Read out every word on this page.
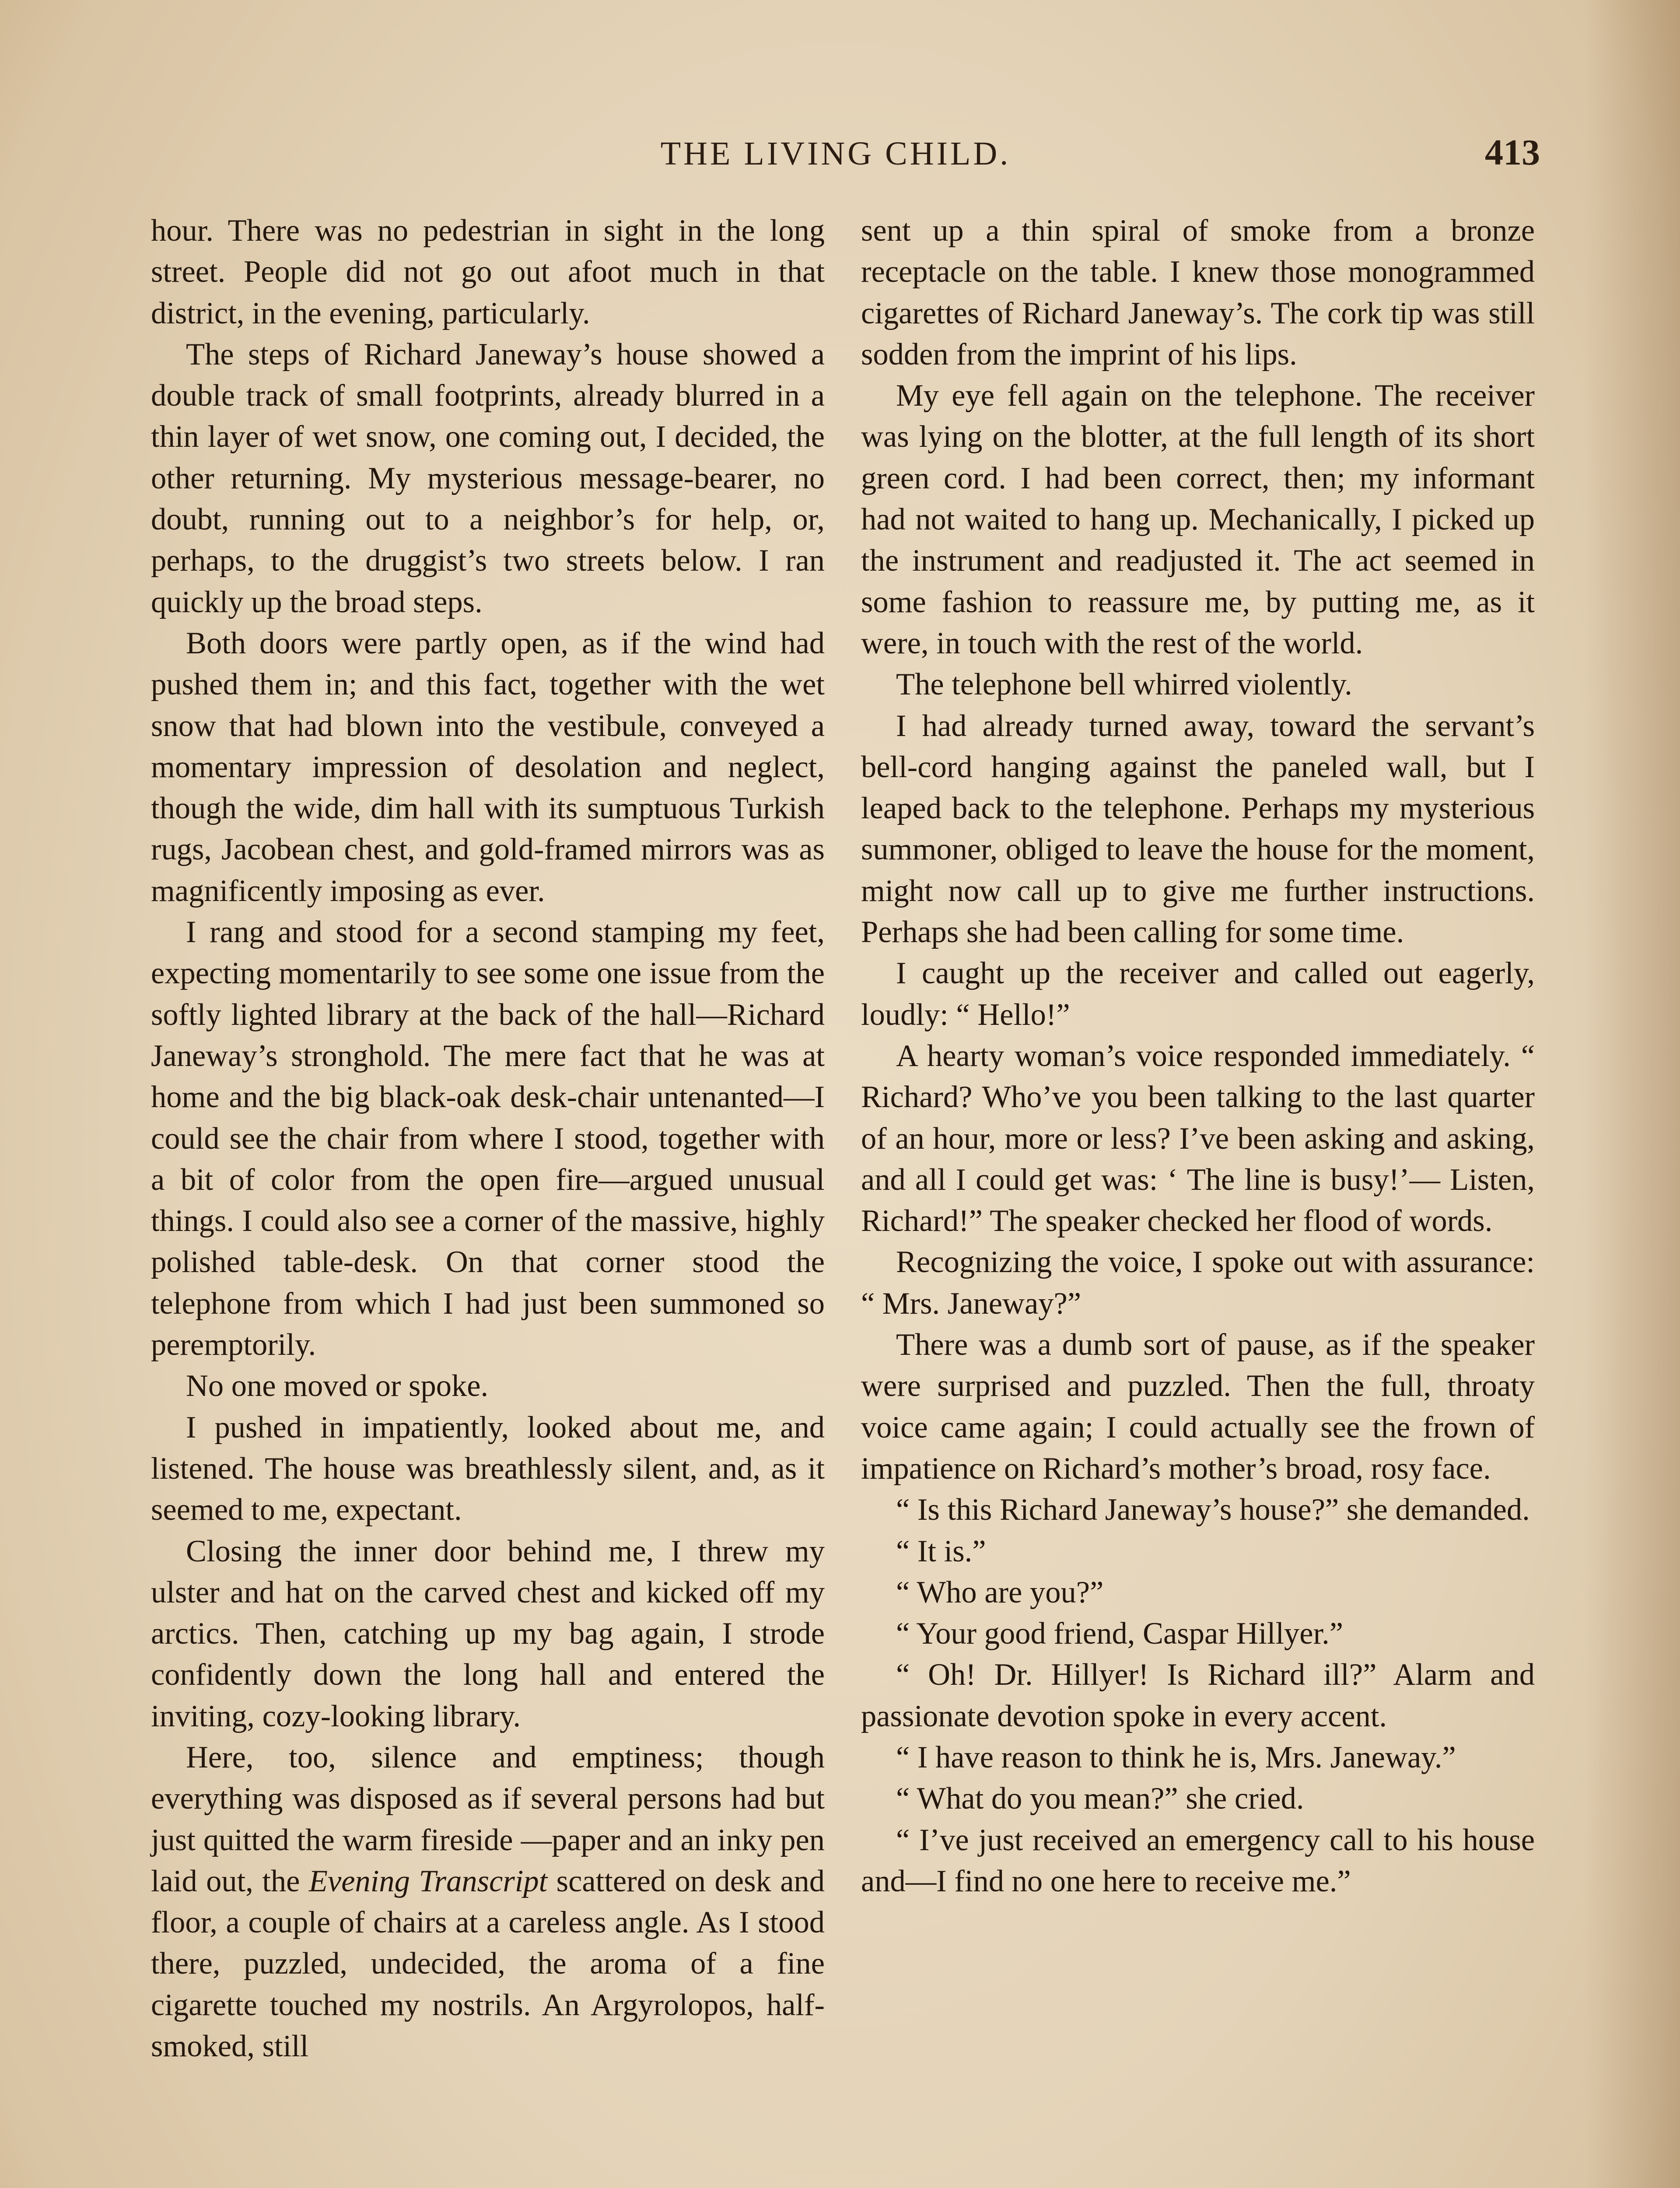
THE LIVING CHILD.	413

hour. There was no pedestrian in sight in the long street. People did not go out afoot much in that district, in the evening, particularly.

The steps of Richard Janeway’s house showed a double track of small footprints, already blurred in a thin layer of wet snow, one coming out, I decided, the other returning. My mysterious message-bearer, no doubt, running out to a neighbor’s for help, or, perhaps, to the druggist’s two streets below. I ran quickly up the broad steps.

Both doors were partly open, as if the wind had pushed them in; and this fact, together with the wet snow that had blown into the vestibule, conveyed a momentary impression of desolation and neglect, though the wide, dim hall with its sumptuous Turkish rugs, Jacobean chest, and gold-framed mirrors was as magnificently imposing as ever.

I rang and stood for a second stamping my feet, expecting momentarily to see some one issue from the softly lighted library at the back of the hall—Richard Janeway’s stronghold. The mere fact that he was at home and the big black-oak desk-chair untenanted—I could see the chair from where I stood, together with a bit of color from the open fire—argued unusual things. I could also see a corner of the massive, highly polished table-desk. On that corner stood the telephone from which I had just been summoned so peremptorily.

No one moved or spoke.

I pushed in impatiently, looked about me, and listened. The house was breathlessly silent, and, as it seemed to me, expectant.

Closing the inner door behind me, I threw my ulster and hat on the carved chest and kicked off my arctics. Then, catching up my bag again, I strode confidently down the long hall and entered the inviting, cozy-looking library.

Here, too, silence and emptiness; though everything was disposed as if several persons had but just quitted the warm fireside —paper and an inky pen laid out, the Evening Transcript scattered on desk and floor, a couple of chairs at a careless angle. As I stood there, puzzled, undecided, the aroma of a fine cigarette touched my nostrils. An Argyrolopos, half-smoked, still

sent up a thin spiral of smoke from a bronze receptacle on the table. I knew those monogrammed cigarettes of Richard Janeway’s. The cork tip was still sodden from the imprint of his lips.

My eye fell again on the telephone. The receiver was lying on the blotter, at the full length of its short green cord. I had been correct, then; my informant had not waited to hang up. Mechanically, I picked up the instrument and readjusted it. The act seemed in some fashion to reassure me, by putting me, as it were, in touch with the rest of the world.

The telephone bell whirred violently.

I had already turned away, toward the servant’s bell-cord hanging against the paneled wall, but I leaped back to the telephone. Perhaps my mysterious summoner, obliged to leave the house for the moment, might now call up to give me further instructions. Perhaps she had been calling for some time.

I caught up the receiver and called out eagerly, loudly: “ Hello!”

A hearty woman’s voice responded immediately. “ Richard? Who’ve you been talking to the last quarter of an hour, more or less? I’ve been asking and asking, and all I could get was: ‘ The line is busy!’— Listen, Richard!” The speaker checked her flood of words.

Recognizing the voice, I spoke out with assurance: “ Mrs. Janeway?”

There was a dumb sort of pause, as if the speaker were surprised and puzzled. Then the full, throaty voice came again; I could actually see the frown of impatience on Richard’s mother’s broad, rosy face.

“ Is this Richard Janeway’s house?” she demanded.

“ It is.”

“ Who are you?”

“ Your good friend, Caspar Hillyer.”

“ Oh! Dr. Hillyer! Is Richard ill?” Alarm and passionate devotion spoke in every accent.

“ I have reason to think he is, Mrs. Janeway.”

“ What do you mean?” she cried.

“ I’ve just received an emergency call to his house and—I find no one here to receive me.”
